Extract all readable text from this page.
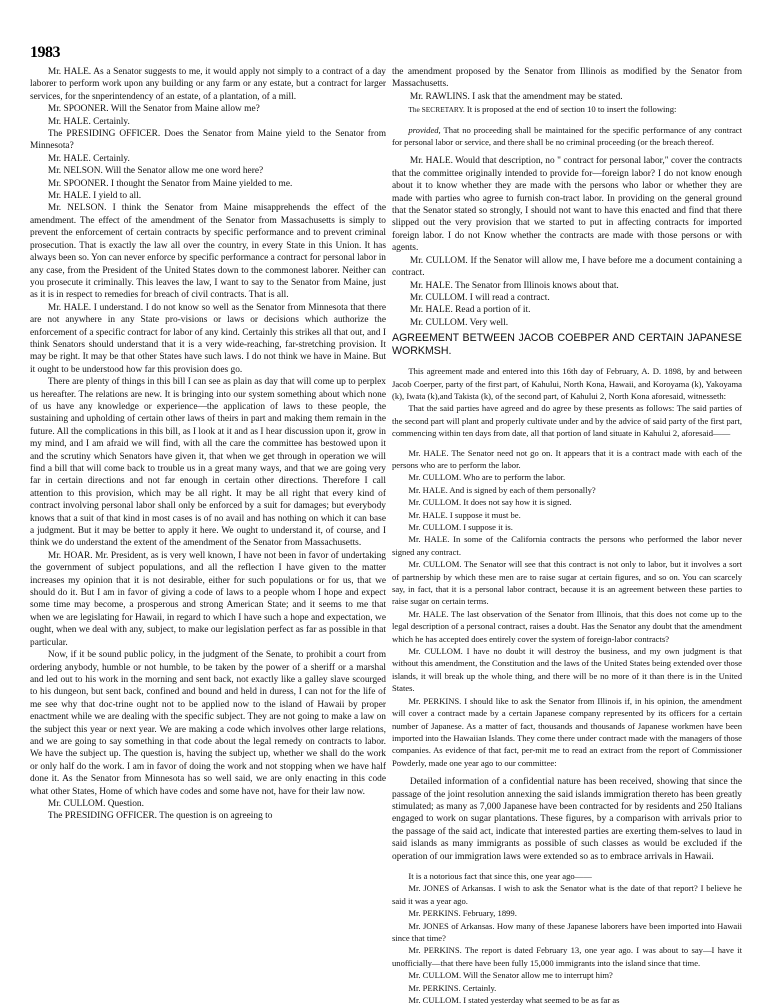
1983

Mr. HALE. As a Senator suggests to me, it would apply not simply to a contract of a day laborer to perform work upon any building or any farm or any estate, but a contract for larger services, for the snperintendency of an estate, of a plantation, of a mill.

Mr. SPOONER. Will the Senator from Maine allow me?

Mr. HALE. Certainly.

The PRESIDING OFFICER. Does the Senator from Maine yield to the Senator from Minnesota?

Mr. HALE. Certainly.

Mr. NELSON. Will the Senator allow me one word here?

Mr. SPOONER. I thought the Senator from Maine yielded to me.

Mr. HALE. I yield to all.

Mr. NELSON. I think the Senator from Maine misapprehends the effect of the amendment. The effect of the amendment of the Senator from Massachusetts is simply to prevent the enforcement of certain contracts by specific performance and to prevent criminal prosecution. That is exactly the law all over the country, in every State in this Union. It has always been so. Yon can never enforce by specific performance a contract for personal labor in any case, from the President of the United States down to the commonest laborer. Neither can you prosecute it criminally. This leaves the law, I want to say to the Senator from Maine, just as it is in respect to remedies for breach of civil contracts. That is all.

Mr. HALE. I understand. I do not know so well as the Senator from Minnesota that there are not anywhere in any State pro-visions or laws or decisions which authorize the enforcement of a specific contract for labor of any kind. Certainly this strikes all that out, and I think Senators should understand that it is a very wide-reaching, far-stretching provision. It may be right. It may be that other States have such laws. I do not think we have in Maine. But it ought to be understood how far this provision does go.

There are plenty of things in this bill I can see as plain as day that will come up to perplex us hereafter. The relations are new. It is bringing into our system something about which none of us have any knowledge or experience—the application of laws to these people, the sustaining and upholding of certain other laws of theirs in part and making them remain in the future. All the complications in this bill, as I look at it and as I hear discussion upon it, grow in my mind, and I am afraid we will find, with all the care the committee has bestowed upon it and the scrutiny which Senators have given it, that when we get through in operation we will find a bill that will come back to trouble us in a great many ways, and that we are going very far in certain directions and not far enough in certain other directions. Therefore I call attention to this provision, which may be all right. It may be all right that every kind of contract involving personal labor shall only be enforced by a suit for damages; but everybody knows that a suit of that kind in most cases is of no avail and has nothing on which it can base a judgment. But it may be better to apply it here. We ought to understand it, of course, and I think we do understand the extent of the amendment of the Senator from Massachusetts.

Mr. HOAR. Mr. President, as is very well known, I have not been in favor of undertaking the government of subject populations, and all the reflection I have given to the matter increases my opinion that it is not desirable, either for such populations or for us, that we should do it. But I am in favor of giving a code of laws to a people whom I hope and expect some time may become, a prosperous and strong American State; and it seems to me that when we are legislating for Hawaii, in regard to which I have such a hope and expectation, we ought, when we deal with any, subject, to make our legislation perfect as far as possible in that particular.

Now, if it be sound public policy, in the judgment of the Senate, to prohibit a court from ordering anybody, humble or not humble, to be taken by the power of a sheriff or a marshal and led out to his work in the morning and sent back, not exactly like a galley slave scourged to his dungeon, but sent back, confined and bound and held in duress, I can not for the life of me see why that doc-trine ought not to be applied now to the island of Hawaii by proper enactment while we are dealing with the specific subject. They are not going to make a law on the subject this year or next year. We are making a code which involves other large relations, and we are going to say something in that code about the legal remedy on contracts to labor. We have the subject up. The question is, having the subject up, whether we shall do the work or only half do the work. I am in favor of doing the work and not stopping when we have half done it. As the Senator from Minnesota has so well said, we are only enacting in this code what other States, Home of which have codes and some have not, have for their law now.

Mr. CULLOM. Question.

The PRESIDING OFFICER. The question is on agreeing to

the amendment proposed by the Senator from Illinois as modified by the Senator from Massachusetts.

Mr. RAWLINS. I ask that the amendment may be stated.

The SECRETARY. It is proposed at the end of section 10 to insert the following:

provided, That no proceeding shall be maintained for the specific performance of any contract for personal labor or service, and there shall be no criminal proceeding (or the breach thereof.

Mr. HALE. Would that description, no " contract for personal labor," cover the contracts that the committee originally intended to provide for—foreign labor? I do not know enough about it to know whether they are made with the persons who labor or whether they are made with parties who agree to furnish con-tract labor. In providing on the general ground that the Senator stated so strongly, I should not want to have this enacted and find that there slipped out the very provision that we started to put in affecting contracts for imported foreign labor. I do not Know whether the contracts are made with those persons or with agents.

Mr. CULLOM. If the Senator will allow me, I have before me a document containing a contract.

Mr. HALE. The Senator from Illinois knows about that.

Mr. CULLOM. I will read a contract.

Mr. HALE. Read a portion of it.

Mr. CULLOM. Very well.

AGREEMENT BETWEEN JACOB COEBPER AND CERTAIN JAPANESE WORKMSH.

This agreement made and entered into this 16th day of February, A. D. 1898, by and between Jacob Coerper, party of the first part, of Kahului, North Kona, Hawaii, and Koroyama (k), Yakoyama (k), Iwata (k),and Takista (k), of the second part, of Kahului 2, North Kona aforesaid, witnesseth:

That the said parties have agreed and do agree by these presents as follows: The said parties of the second part will plant and properly cultivate under and by the advice of said party of the first part, commencing within ten days from date, all that portion of land situate in Kahului 2, aforesaid——

Mr. HALE. The Senator need not go on. It appears that it is a contract made with each of the persons who are to perform the labor.

Mr. CULLOM. Who are to perform the labor.

Mr. HALE. And is signed by each of them personally?

Mr. CULLOM. It does not say how it is signed.

Mr. HALE. I suppose it must be.

Mr. CULLOM. I suppose it is.

Mr. HALE. In some of the California contracts the persons who performed the labor never signed any contract.

Mr. CULLOM. The Senator will see that this contract is not only to labor, but it involves a sort of partnership by which these men are to raise sugar at certain figures, and so on. You can scarcely say, in fact, that it is a personal labor contract, because it is an agreement between these parties to raise sugar on certain terms.

Mr. HALE. The last observation of the Senator from Illinois, that this does not come up to the legal description of a personal contract, raises a doubt. Has the Senator any doubt that the amendment which he has accepted does entirely cover the system of foreign-labor contracts?

Mr. CULLOM. I have no doubt it will destroy the business, and my own judgment is that without this amendment, the Constitution and the laws of the United States being extended over those islands, it will break up the whole thing, and there will be no more of it than there is in the United States.

Mr. PERKINS. I should like to ask the Senator from Illinois if, in his opinion, the amendment will cover a contract made by a certain Japanese company represented by its officers for a certain number of Japanese. As a matter of fact, thousands and thousands of Japanese workmen have been imported into the Hawaiian Islands. They come there under contract made with the managers of those companies. As evidence of that fact, per-mit me to read an extract from the report of Commissioner Powderly, made one year ago to our committee:

Detailed information of a confidential nature has been received, showing that since the passage of the joint resolution annexing the said islands immigration thereto has been greatly stimulated; as many as 7,000 Japanese have been contracted for by residents and 250 Italians engaged to work on sugar plantations. These figures, by a comparison with arrivals prior to the passage of the said act, indicate that interested parties are exerting them-selves to laud in said islands as many immigrants as possible of such classes as would be excluded if the operation of our immigration laws were extended so as to embrace arrivals in Hawaii.

It is a notorious fact that since this, one year ago——

Mr. JONES of Arkansas. I wish to ask the Senator what is the date of that report? I believe he said it was a year ago.

Mr. PERKINS. February, 1899.

Mr. JONES of Arkansas. How many of these Japanese laborers have been imported into Hawaii since that time?

Mr. PERKINS. The report is dated February 13, one year ago. I was about to say—I have it unofficially—that there have been fully 15,000 immigrants into the island since that time.

Mr. CULLOM. Will the Senator allow me to interrupt him?

Mr. PERKINS. Certainly.

Mr. CULLOM. I stated yesterday what seemed to be as far as
